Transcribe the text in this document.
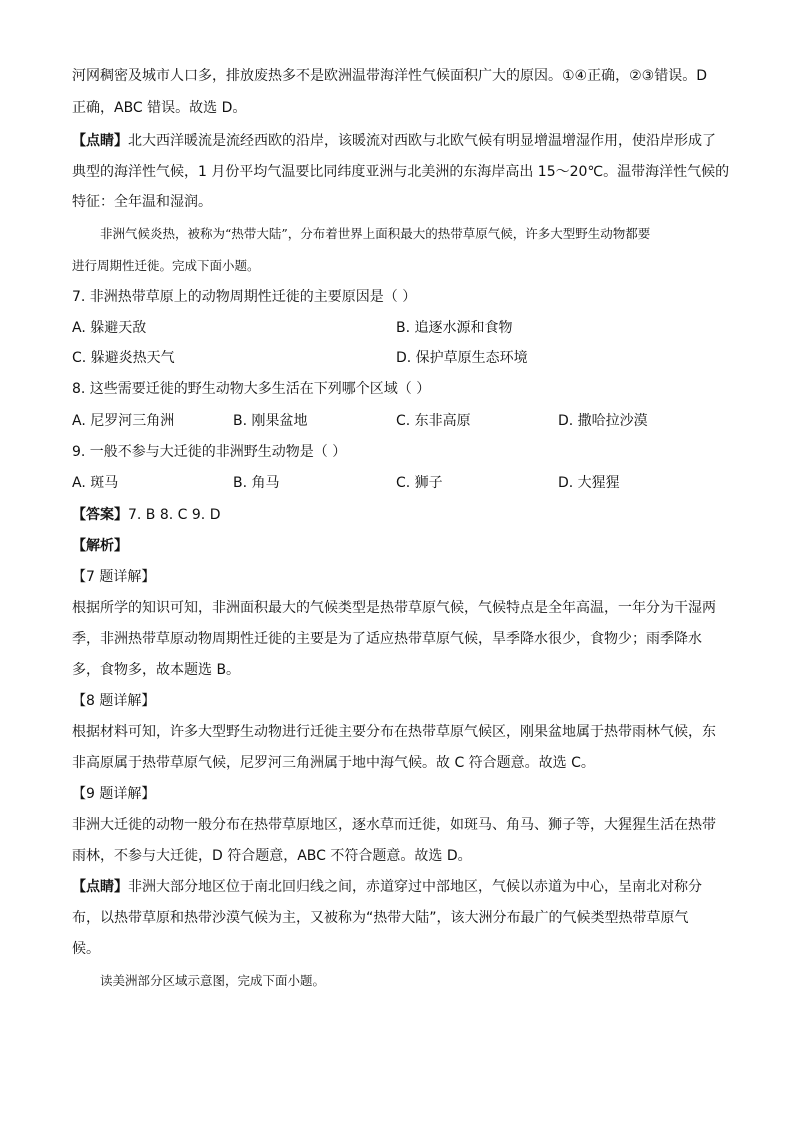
河网稠密及城市人口多，排放废热多不是欧洲温带海洋性气候面积广大的原因。①④正确，②③错误。D
正确，ABC 错误。故选 D。
【点睛】北大西洋暖流是流经西欧的沿岸，该暖流对西欧与北欧气候有明显增温增湿作用，使沿岸形成了
典型的海洋性气候，1 月份平均气温要比同纬度亚洲与北美洲的东海岸高出 15～20℃。温带海洋性气候的
特征：全年温和湿润。
非洲气候炎热，被称为“热带大陆”，分布着世界上面积最大的热带草原气候，许多大型野生动物都要
进行周期性迁徙。完成下面小题。
7. 非洲热带草原上的动物周期性迁徙的主要原因是（ ）
A. 躲避天敌	B. 追逐水源和食物
C. 躲避炎热天气	D. 保护草原生态环境
8. 这些需要迁徙的野生动物大多生活在下列哪个区域（ ）
A. 尼罗河三角洲	B. 刚果盆地	C. 东非高原	D. 撒哈拉沙漠
9. 一般不参与大迁徙的非洲野生动物是（ ）
A. 斑马	B. 角马	C. 狮子	D. 大猩猩
【答案】7. B 8. C 9. D
【解析】
【7 题详解】
根据所学的知识可知，非洲面积最大的气候类型是热带草原气候，气候特点是全年高温，一年分为干湿两
季，非洲热带草原动物周期性迁徙的主要是为了适应热带草原气候，旱季降水很少，食物少；雨季降水
多，食物多，故本题选 B。
【8 题详解】
根据材料可知，许多大型野生动物进行迁徙主要分布在热带草原气候区，刚果盆地属于热带雨林气候，东
非高原属于热带草原气候，尼罗河三角洲属于地中海气候。故 C 符合题意。故选 C。
【9 题详解】
非洲大迁徙的动物一般分布在热带草原地区，逐水草而迁徙，如斑马、角马、狮子等，大猩猩生活在热带
雨林，不参与大迁徙，D 符合题意，ABC 不符合题意。故选 D。
【点睛】非洲大部分地区位于南北回归线之间，赤道穿过中部地区，气候以赤道为中心，呈南北对称分
布，以热带草原和热带沙漠气候为主，又被称为“热带大陆”，该大洲分布最广的气候类型热带草原气
候。
读美洲部分区域示意图，完成下面小题。
